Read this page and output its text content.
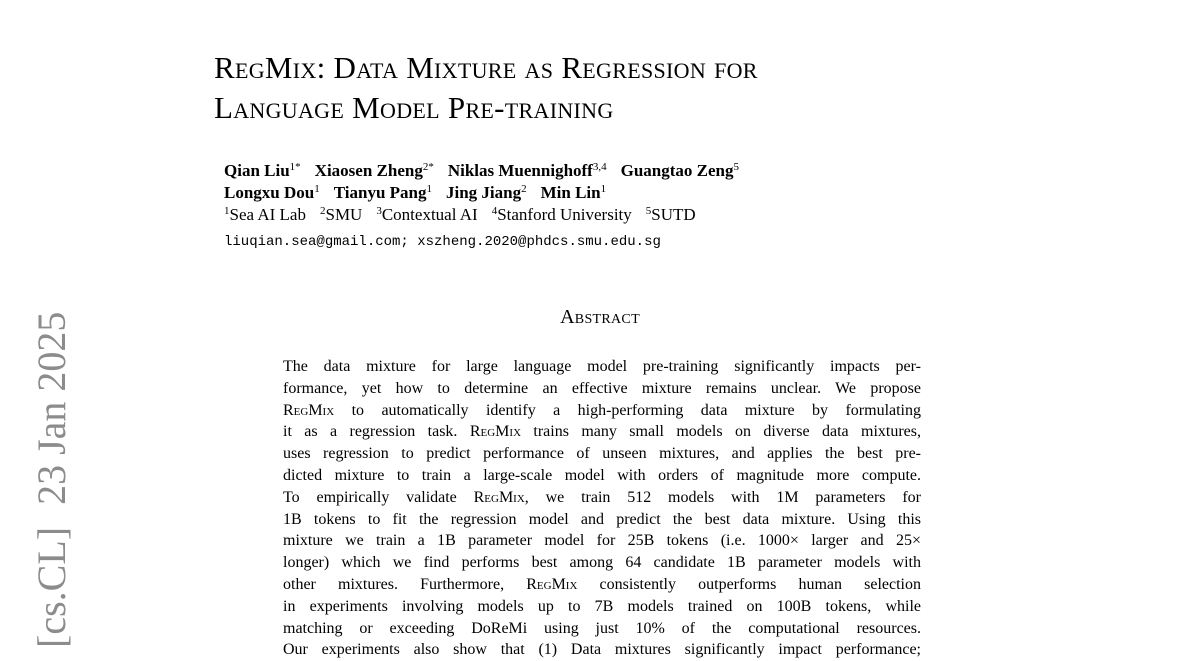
RegMix: Data Mixture as Regression for
Language Model Pre-training
Qian Liu$^{1*}$ Xiaosen Zheng$^{2*}$ Niklas Muennighoff$^{3,4}$ Guangtao Zeng$^5$
Longxu Dou$^1$ Tianyu Pang$^1$ Jing Jiang$^2$ Min Lin$^1$
$^1$Sea AI Lab $^2$SMU $^3$Contextual AI $^4$Stanford University $^5$SUTD
liuqian.sea@gmail.com; xszheng.2020@phdcs.smu.edu.sg
Abstract
The data mixture for large language model pre-training significantly impacts per-
formance, yet how to determine an effective mixture remains unclear. We propose
RegMix to automatically identify a high-performing data mixture by formulating
it as a regression task. RegMix trains many small models on diverse data mixtures,
uses regression to predict performance of unseen mixtures, and applies the best pre-
dicted mixture to train a large-scale model with orders of magnitude more compute.
To empirically validate RegMix, we train 512 models with 1M parameters for
1B tokens to fit the regression model and predict the best data mixture. Using this
mixture we train a 1B parameter model for 25B tokens (i.e. 1000× larger and 25×
longer) which we find performs best among 64 candidate 1B parameter models with
other mixtures. Furthermore, RegMix consistently outperforms human selection
in experiments involving models up to 7B models trained on 100B tokens, while
matching or exceeding DoReMi using just 10% of the computational resources.
Our experiments also show that (1) Data mixtures significantly impact performance;
[cs.CL]23 Jan 2025
